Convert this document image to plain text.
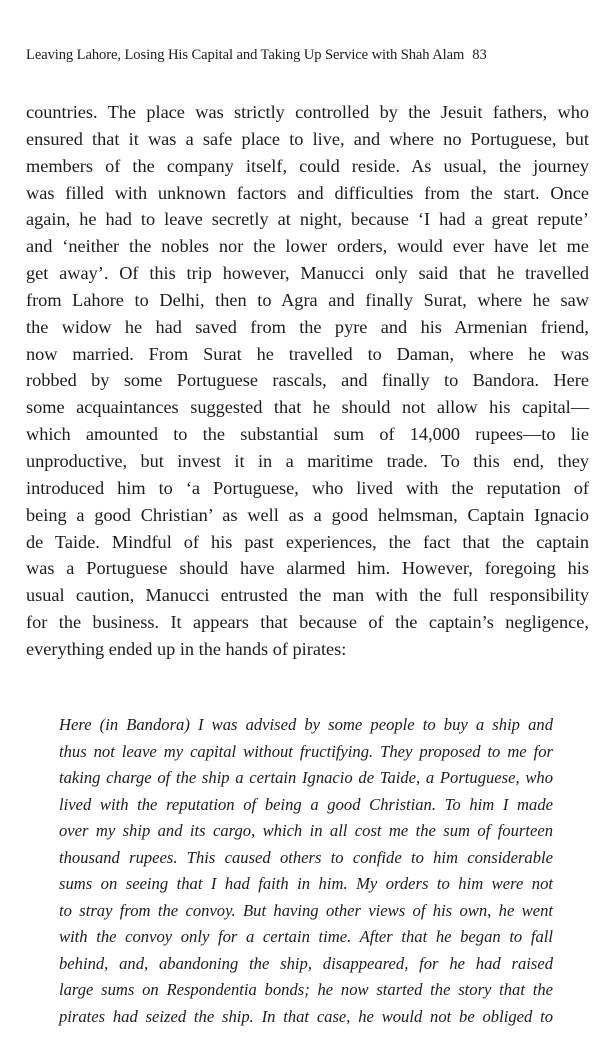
Leaving Lahore, Losing His Capital and Taking Up Service with Shah Alam 83
countries. The place was strictly controlled by the Jesuit fathers, who
ensured that it was a safe place to live, and where no Portuguese, but
members of the company itself, could reside. As usual, the journey
was filled with unknown factors and difficulties from the start. Once
again, he had to leave secretly at night, because ‘I had a great repute’
and ‘neither the nobles nor the lower orders, would ever have let me
get away’. Of this trip however, Manucci only said that he travelled
from Lahore to Delhi, then to Agra and finally Surat, where he saw
the widow he had saved from the pyre and his Armenian friend,
now married. From Surat he travelled to Daman, where he was
robbed by some Portuguese rascals, and finally to Bandora. Here
some acquaintances suggested that he should not allow his capital—
which amounted to the substantial sum of 14,000 rupees—to lie
unproductive, but invest it in a maritime trade. To this end, they
introduced him to ‘a Portuguese, who lived with the reputation of
being a good Christian’ as well as a good helmsman, Captain Ignacio
de Taide. Mindful of his past experiences, the fact that the captain
was a Portuguese should have alarmed him. However, foregoing his
usual caution, Manucci entrusted the man with the full responsibility
for the business. It appears that because of the captain’s negligence,
everything ended up in the hands of pirates:
Here (in Bandora) I was advised by some people to buy a ship and
thus not leave my capital without fructifying. They proposed to me for
taking charge of the ship a certain Ignacio de Taide, a Portuguese, who
lived with the reputation of being a good Christian. To him I made
over my ship and its cargo, which in all cost me the sum of fourteen
thousand rupees. This caused others to confide to him considerable
sums on seeing that I had faith in him. My orders to him were not
to stray from the convoy. But having other views of his own, he went
with the convoy only for a certain time. After that he began to fall
behind, and, abandoning the ship, disappeared, for he had raised
large sums on Respondentia bonds; he now started the story that the
pirates had seized the ship. In that case, he would not be obliged to
